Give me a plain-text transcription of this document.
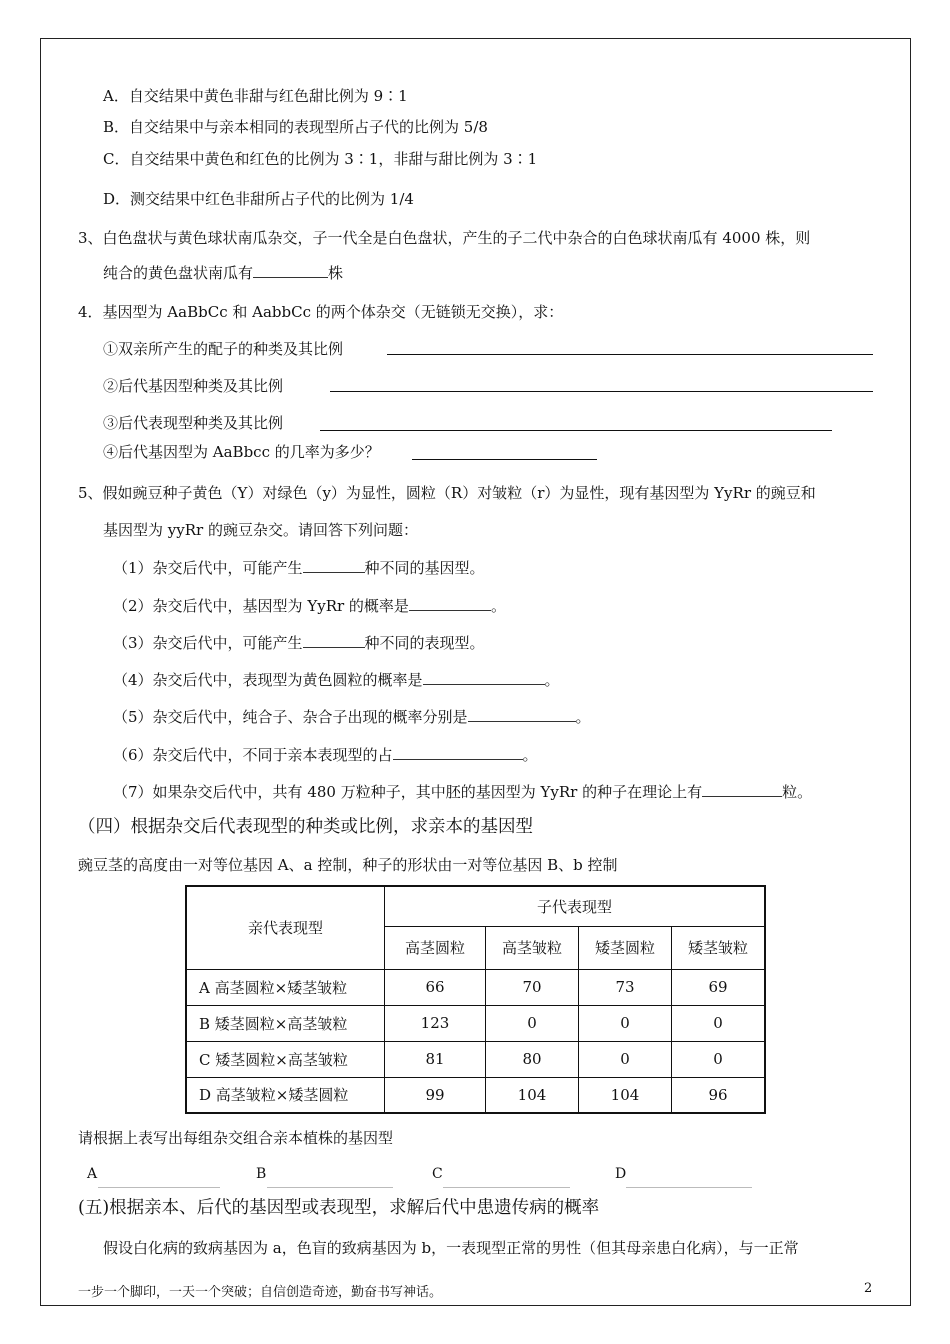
A．自交结果中黄色非甜与红色甜比例为 9∶1
B．自交结果中与亲本相同的表现型所占子代的比例为 5/8
C．自交结果中黄色和红色的比例为 3∶1，非甜与甜比例为 3∶1
D．测交结果中红色非甜所占子代的比例为 1/4
3、白色盘状与黄色球状南瓜杂交，子一代全是白色盘状，产生的子二代中杂合的白色球状南瓜有 4000 株，则
纯合的黄色盘状南瓜有	株
4．基因型为 AaBbCc 和 AabbCc 的两个体杂交（无链锁无交换），求：
①双亲所产生的配子的种类及其比例
②后代基因型种类及其比例
③后代表现型种类及其比例
④后代基因型为 AaBbcc 的几率为多少？
5、假如豌豆种子黄色（Y）对绿色（y）为显性，圆粒（R）对皱粒（r）为显性，现有基因型为 YyRr 的豌豆和
基因型为 yyRr 的豌豆杂交。请回答下列问题：
（1）杂交后代中，可能产生	种不同的基因型。
（2）杂交后代中，基因型为 YyRr 的概率是	。
（3）杂交后代中，可能产生	种不同的表现型。
（4）杂交后代中，表现型为黄色圆粒的概率是	。
（5）杂交后代中，纯合子、杂合子出现的概率分别是	。
（6）杂交后代中，不同于亲本表现型的占	。
（7）如果杂交后代中，共有 480 万粒种子，其中胚的基因型为 YyRr 的种子在理论上有	粒。
（四）根据杂交后代表现型的种类或比例，求亲本的基因型
豌豆茎的高度由一对等位基因 A、a 控制，种子的形状由一对等位基因 B、b 控制
亲代表现型	子代表现型			
	高茎圆粒	高茎皱粒	矮茎圆粒	矮茎皱粒
A 高茎圆粒×矮茎皱粒	66	70	73	69
B 矮茎圆粒×高茎皱粒	123	0	0	0
C 矮茎圆粒×高茎皱粒	81	80	0	0
D 高茎皱粒×矮茎圆粒	99	104	104	96
请根据上表写出每组杂交组合亲本植株的基因型
A	B	C	D
(五)根据亲本、后代的基因型或表现型，求解后代中患遗传病的概率
假设白化病的致病基因为 a，色盲的致病基因为 b，一表现型正常的男性（但其母亲患白化病），与一正常
一步一个脚印，一天一个突破；自信创造奇迹，勤奋书写神话。	2
